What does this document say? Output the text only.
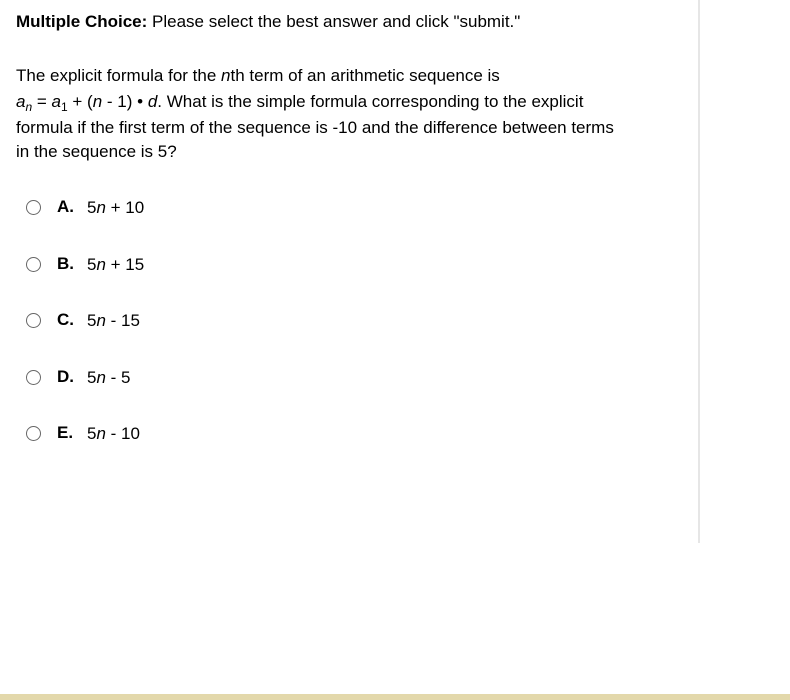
Multiple Choice: Please select the best answer and click "submit."
The explicit formula for the nth term of an arithmetic sequence is
$a_n = a_1 + (n - 1)$ • d. What is the simple formula corresponding to the explicit
formula if the first term of the sequence is -10 and the difference between terms
in the sequence is 5?
A. 5n + 10
B. 5n + 15
C. 5n - 15
D. 5n - 5
E. 5n - 10
